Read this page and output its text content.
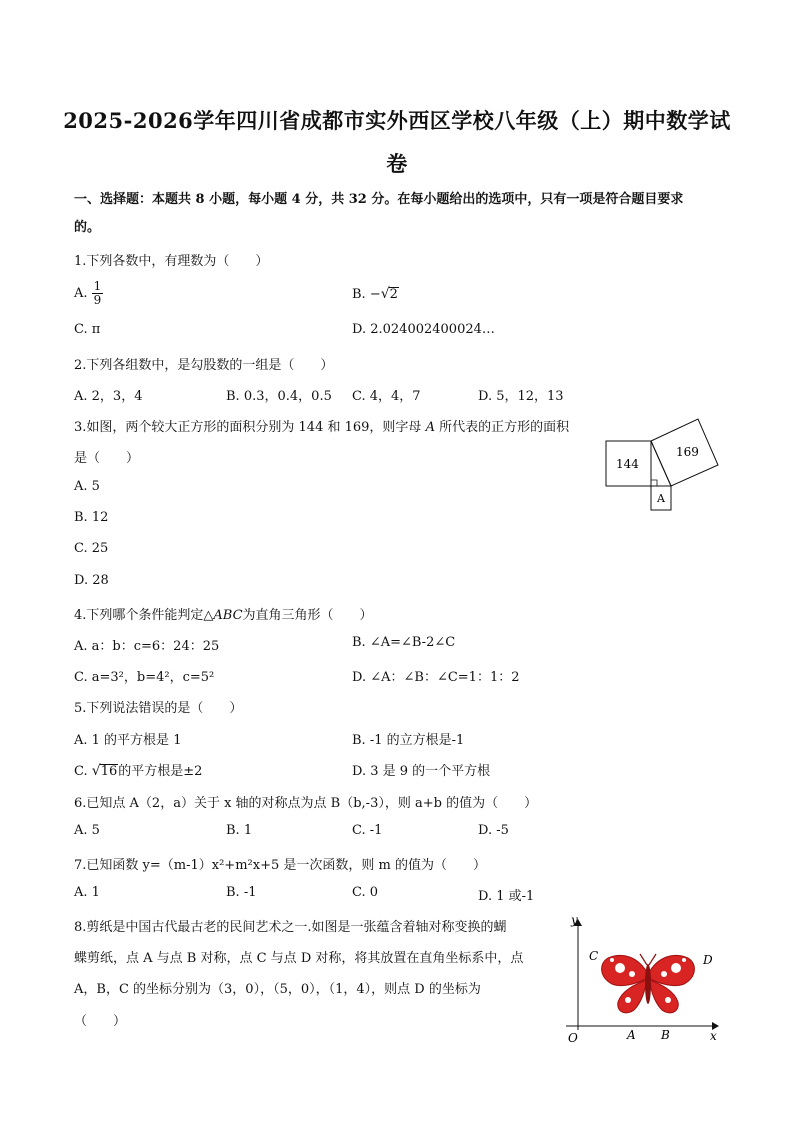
2025-2026学年四川省成都市实外西区学校八年级（上）期中数学试
卷
一、选择题：本题共 8 小题，每小题 4 分，共 32 分。在每小题给出的选项中，只有一项是符合题目要求
的。
1.下列各数中，有理数为（　　）
A. $\frac{1}{9}$	B. −√2
C. π	D. 2.024002400024…
2.下列各组数中，是勾股数的一组是（　　）
A. 2，3，4	B. 0.3，0.4，0.5 C. 4，4，7	D. 5，12，13
3.如图，两个较大正方形的面积分别为 144 和 169，则字母 A 所代表的正方形的面积
是（　　）
A. 5
B. 12
C. 25
D. 28
144
169
A
4.下列哪个条件能判定△ABC为直角三角形（　　）
A. a：b：c=6：24：25	B. ∠A=∠B-2∠C
C. a=3²，b=4²，c=5²	D. ∠A：∠B：∠C=1：1：2
5.下列说法错误的是（　　）
A. 1 的平方根是 1	B. -1 的立方根是-1
C. √16的平方根是±2	D. 3 是 9 的一个平方根
6.已知点 A（2，a）关于 x 轴的对称点为点 B（b,-3），则 a+b 的值为（　　）
A. 5	B. 1	C. -1	D. -5
7.已知函数 y=（m-1）x²+m²x+5 是一次函数，则 m 的值为（　　）
A. 1	B. -1	C. 0	D. 1 或-1
8.剪纸是中国古代最古老的民间艺术之一.如图是一张蕴含着轴对称变换的蝴
蝶剪纸，点 A 与点 B 对称，点 C 与点 D 对称，将其放置在直角坐标系中，点
A，B，C 的坐标分别为（3，0），（5，0），（1，4），则点 D 的坐标为
（　　）
y
x
O	A B
C	D
